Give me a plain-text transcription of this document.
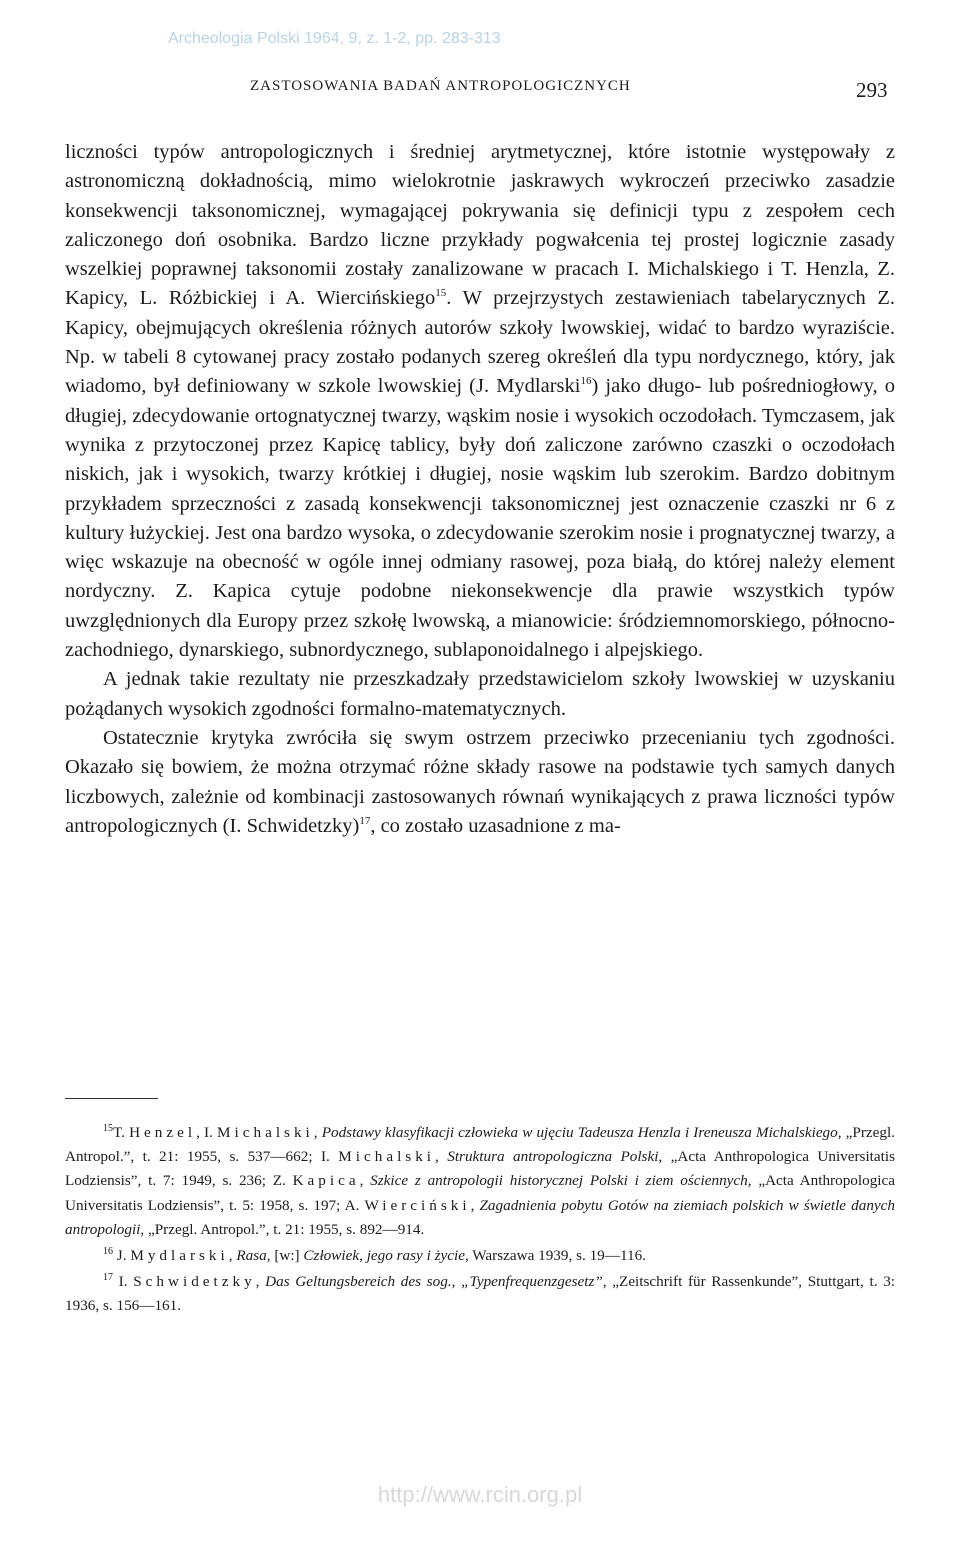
Archeologia Polski 1964, 9, z. 1-2, pp. 283-313
ZASTOSOWANIA BADAŃ ANTROPOLOGICZNYCH	293

liczności typów antropologicznych i średniej arytmetycznej, które istotnie występowały z astronomiczną dokładnością, mimo wielokrotnie jaskrawych wykroczeń przeciwko zasadzie konsekwencji taksonomicznej, wymagającej pokrywania się definicji typu z zespołem cech zaliczonego doń osobnika. Bardzo liczne przykłady pogwałcenia tej prostej logicznie zasady wszelkiej poprawnej taksonomii zostały zanalizowane w pracach I. Michalskiego i T. Henzla, Z. Kapicy, L. Różbickiej i A. Wiercińskiego$^{15}$. W przejrzystych zestawieniach tabelarycznych Z. Kapicy, obejmujących określenia różnych autorów szkoły lwowskiej, widać to bardzo wyraziście. Np. w tabeli 8 cytowanej pracy zostało podanych szereg określeń dla typu nordycznego, który, jak wiadomo, był definiowany w szkole lwowskiej (J. Mydlarski$^{16}$) jako długo- lub pośredniogłowy, o długiej, zdecydowanie ortognatycznej twarzy, wąskim nosie i wysokich oczodołach. Tymczasem, jak wynika z przytoczonej przez Kapicę tablicy, były doń zaliczone zarówno czaszki o oczodołach niskich, jak i wysokich, twarzy krótkiej i długiej, nosie wąskim lub szerokim. Bardzo dobitnym przykładem sprzeczności z zasadą konsekwencji taksonomicznej jest oznaczenie czaszki nr 6 z kultury łużyckiej. Jest ona bardzo wysoka, o zdecydowanie szerokim nosie i prognatycznej twarzy, a więc wskazuje na obecność w ogóle innej odmiany rasowej, poza białą, do której należy element nordyczny. Z. Kapica cytuje podobne niekonsekwencje dla prawie wszystkich typów uwzględnionych dla Europy przez szkołę lwowską, a mianowicie: śródziemnomorskiego, północno-zachodniego, dynarskiego, subnordycznego, sublaponoidalnego i alpejskiego.

A jednak takie rezultaty nie przeszkadzały przedstawicielom szkoły lwowskiej w uzyskaniu pożądanych wysokich zgodności formalno-matematycznych.

Ostatecznie krytyka zwróciła się swym ostrzem przeciwko przecenianiu tych zgodności. Okazało się bowiem, że można otrzymać różne składy rasowe na podstawie tych samych danych liczbowych, zależnie od kombinacji zastosowanych równań wynikających z prawa liczności typów antropologicznych (I. Schwidetzky)$^{17}$, co zostało uzasadnione z ma-

$^{15}$T. Henzel, I. Michalski, Podstawy klasyfikacji człowieka w ujęciu Tadeusza Henzla i Ireneusza Michalskiego, „Przegl. Antropol.”, t. 21: 1955, s. 537—662; I. Michalski, Struktura antropologiczna Polski, „Acta Anthropologica Universitatis Lodziensis”, t. 7: 1949, s. 236; Z. Kapica, Szkice z antropologii historycznej Polski i ziem ościennych, „Acta Anthropologica Universitatis Lodziensis”, t. 5: 1958, s. 197; A. Wierciński, Zagadnienia pobytu Gotów na ziemiach polskich w świetle danych antropologii, „Przegl. Antropol.”, t. 21: 1955, s. 892—914.

$^{16}$ J. Mydlarski, Rasa, [w:] Człowiek, jego rasy i życie, Warszawa 1939, s. 19—116.

$^{17}$ I. Schwidetzky, Das Geltungsbereich des sog., „Typenfrequenzgesetz”, „Zeitschrift für Rassenkunde”, Stuttgart, t. 3: 1936, s. 156—161.

http://www.rcin.org.pl
